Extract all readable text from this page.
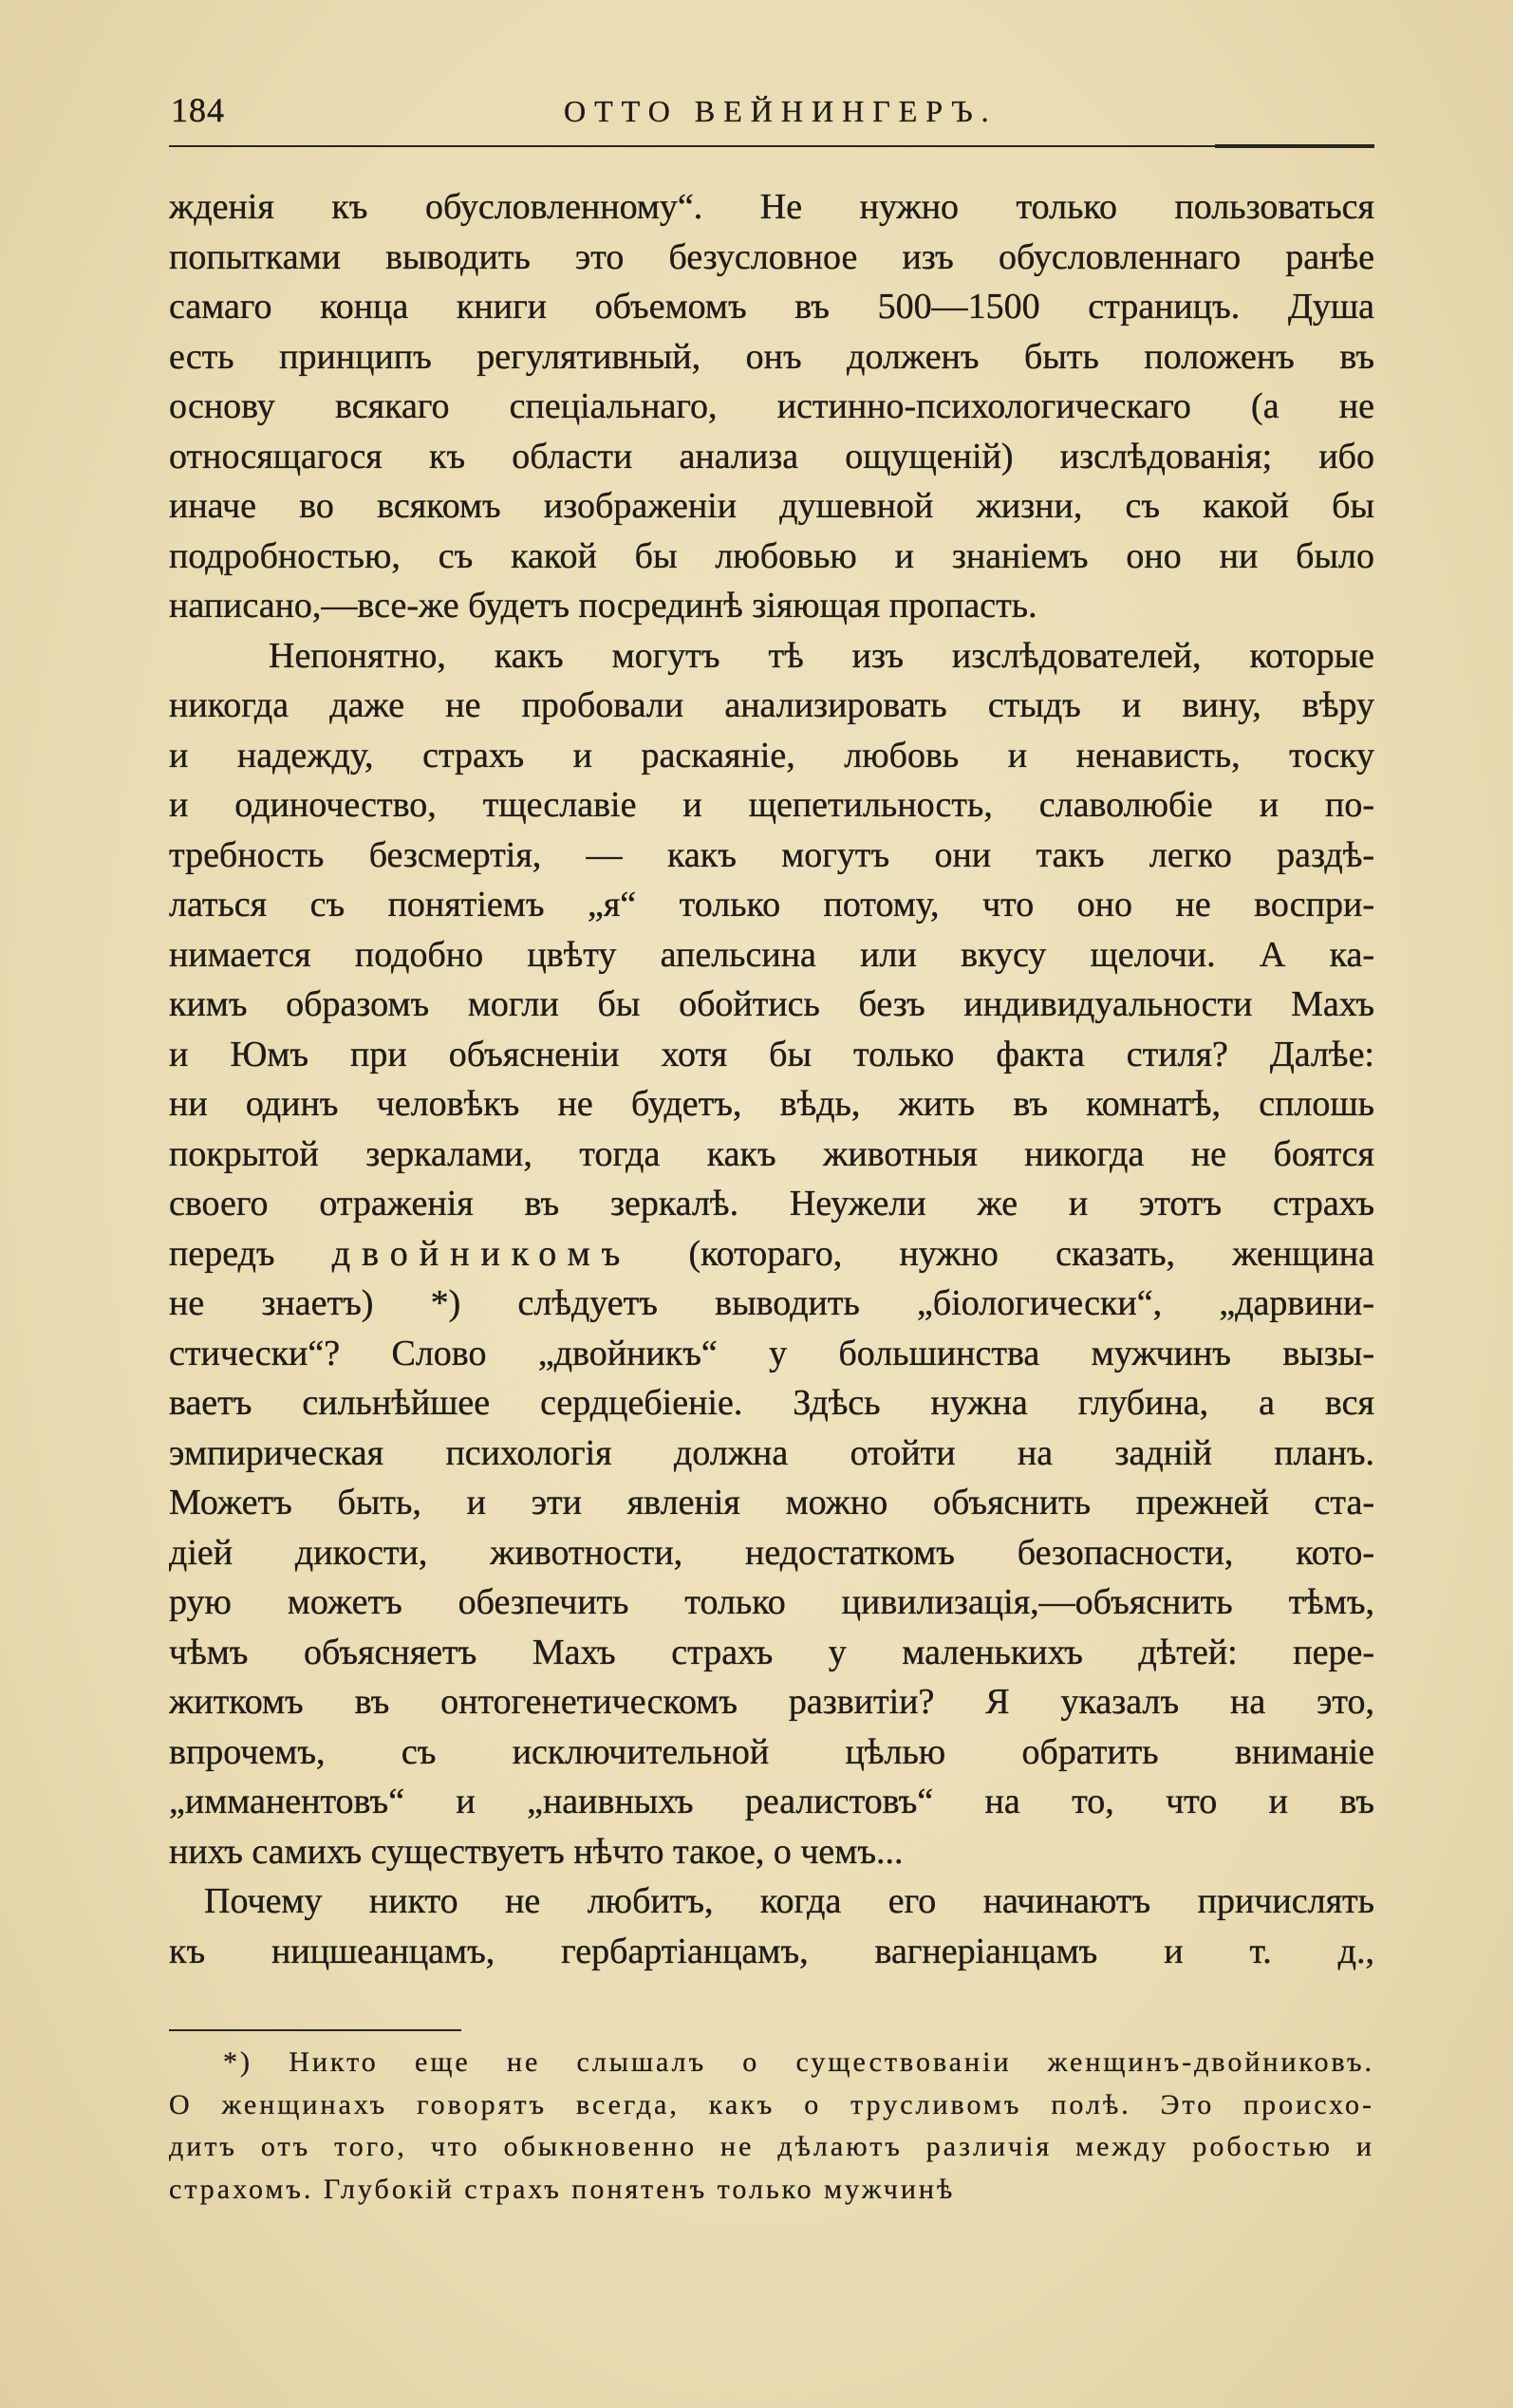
184	ОТТО ВЕЙНИНГЕРЪ.
жденія къ обусловленному“. Не нужно только пользоваться
попытками выводить это безусловное изъ обусловленнаго ранѣе
самаго конца книги объемомъ въ 500—1500 страницъ. Душа
есть принципъ регулятивный, онъ долженъ быть положенъ въ
основу всякаго спеціальнаго, истинно-психологическаго (а не
относящагося къ области анализа ощущеній) изслѣдованія; ибо
иначе во всякомъ изображеніи душевной жизни, съ какой бы
подробностью, съ какой бы любовью и знаніемъ оно ни было
написано,—все-же будетъ посрединѣ зіяющая пропасть.
Непонятно, какъ могутъ тѣ изъ изслѣдователей, которые
никогда даже не пробовали анализировать стыдъ и вину, вѣру
и надежду, страхъ и раскаяніе, любовь и ненависть, тоску
и одиночество, тщеславіе и щепетильность, славолюбіе и по-
требность безсмертія, — какъ могутъ они такъ легко раздѣ-
латься съ понятіемъ „я“ только потому, что оно не воспри-
нимается подобно цвѣту апельсина или вкусу щелочи. А ка-
кимъ образомъ могли бы обойтись безъ индивидуальности Махъ
и Юмъ при объясненіи хотя бы только факта стиля? Далѣе:
ни одинъ человѣкъ не будетъ, вѣдь, жить въ комнатѣ, сплошь
покрытой зеркалами, тогда какъ животныя никогда не боятся
своего отраженія въ зеркалѣ. Неужели же и этотъ страхъ
передъ двойникомъ (котораго, нужно сказать, женщина
не знаетъ) *) слѣдуетъ выводить „біологически“, „дарвини-
стически“? Слово „двойникъ“ у большинства мужчинъ вызы-
ваетъ сильнѣйшее сердцебіеніе. Здѣсь нужна глубина, а вся
эмпирическая психологія должна отойти на задній планъ.
Можетъ быть, и эти явленія можно объяснить прежней ста-
діей дикости, животности, недостаткомъ безопасности, кото-
рую можетъ обезпечить только цивилизація,—объяснить тѣмъ,
чѣмъ объясняетъ Махъ страхъ у маленькихъ дѣтей: пере-
житкомъ въ онтогенетическомъ развитіи? Я указалъ на это,
впрочемъ, съ исключительной цѣлью обратить вниманіе
„имманентовъ“ и „наивныхъ реалистовъ“ на то, что и въ
нихъ самихъ существуетъ нѣчто такое, о чемъ...
Почему никто не любитъ, когда его начинаютъ причислять
къ ницшеанцамъ, гербартіанцамъ, вагнеріанцамъ и т. д.,
*) Никто еще не слышалъ о существованіи женщинъ-двойниковъ.
О женщинахъ говорятъ всегда, какъ о трусливомъ полѣ. Это происхо-
дитъ отъ того, что обыкновенно не дѣлаютъ различія между робостью и
страхомъ. Глубокій страхъ понятенъ только мужчинѣ
